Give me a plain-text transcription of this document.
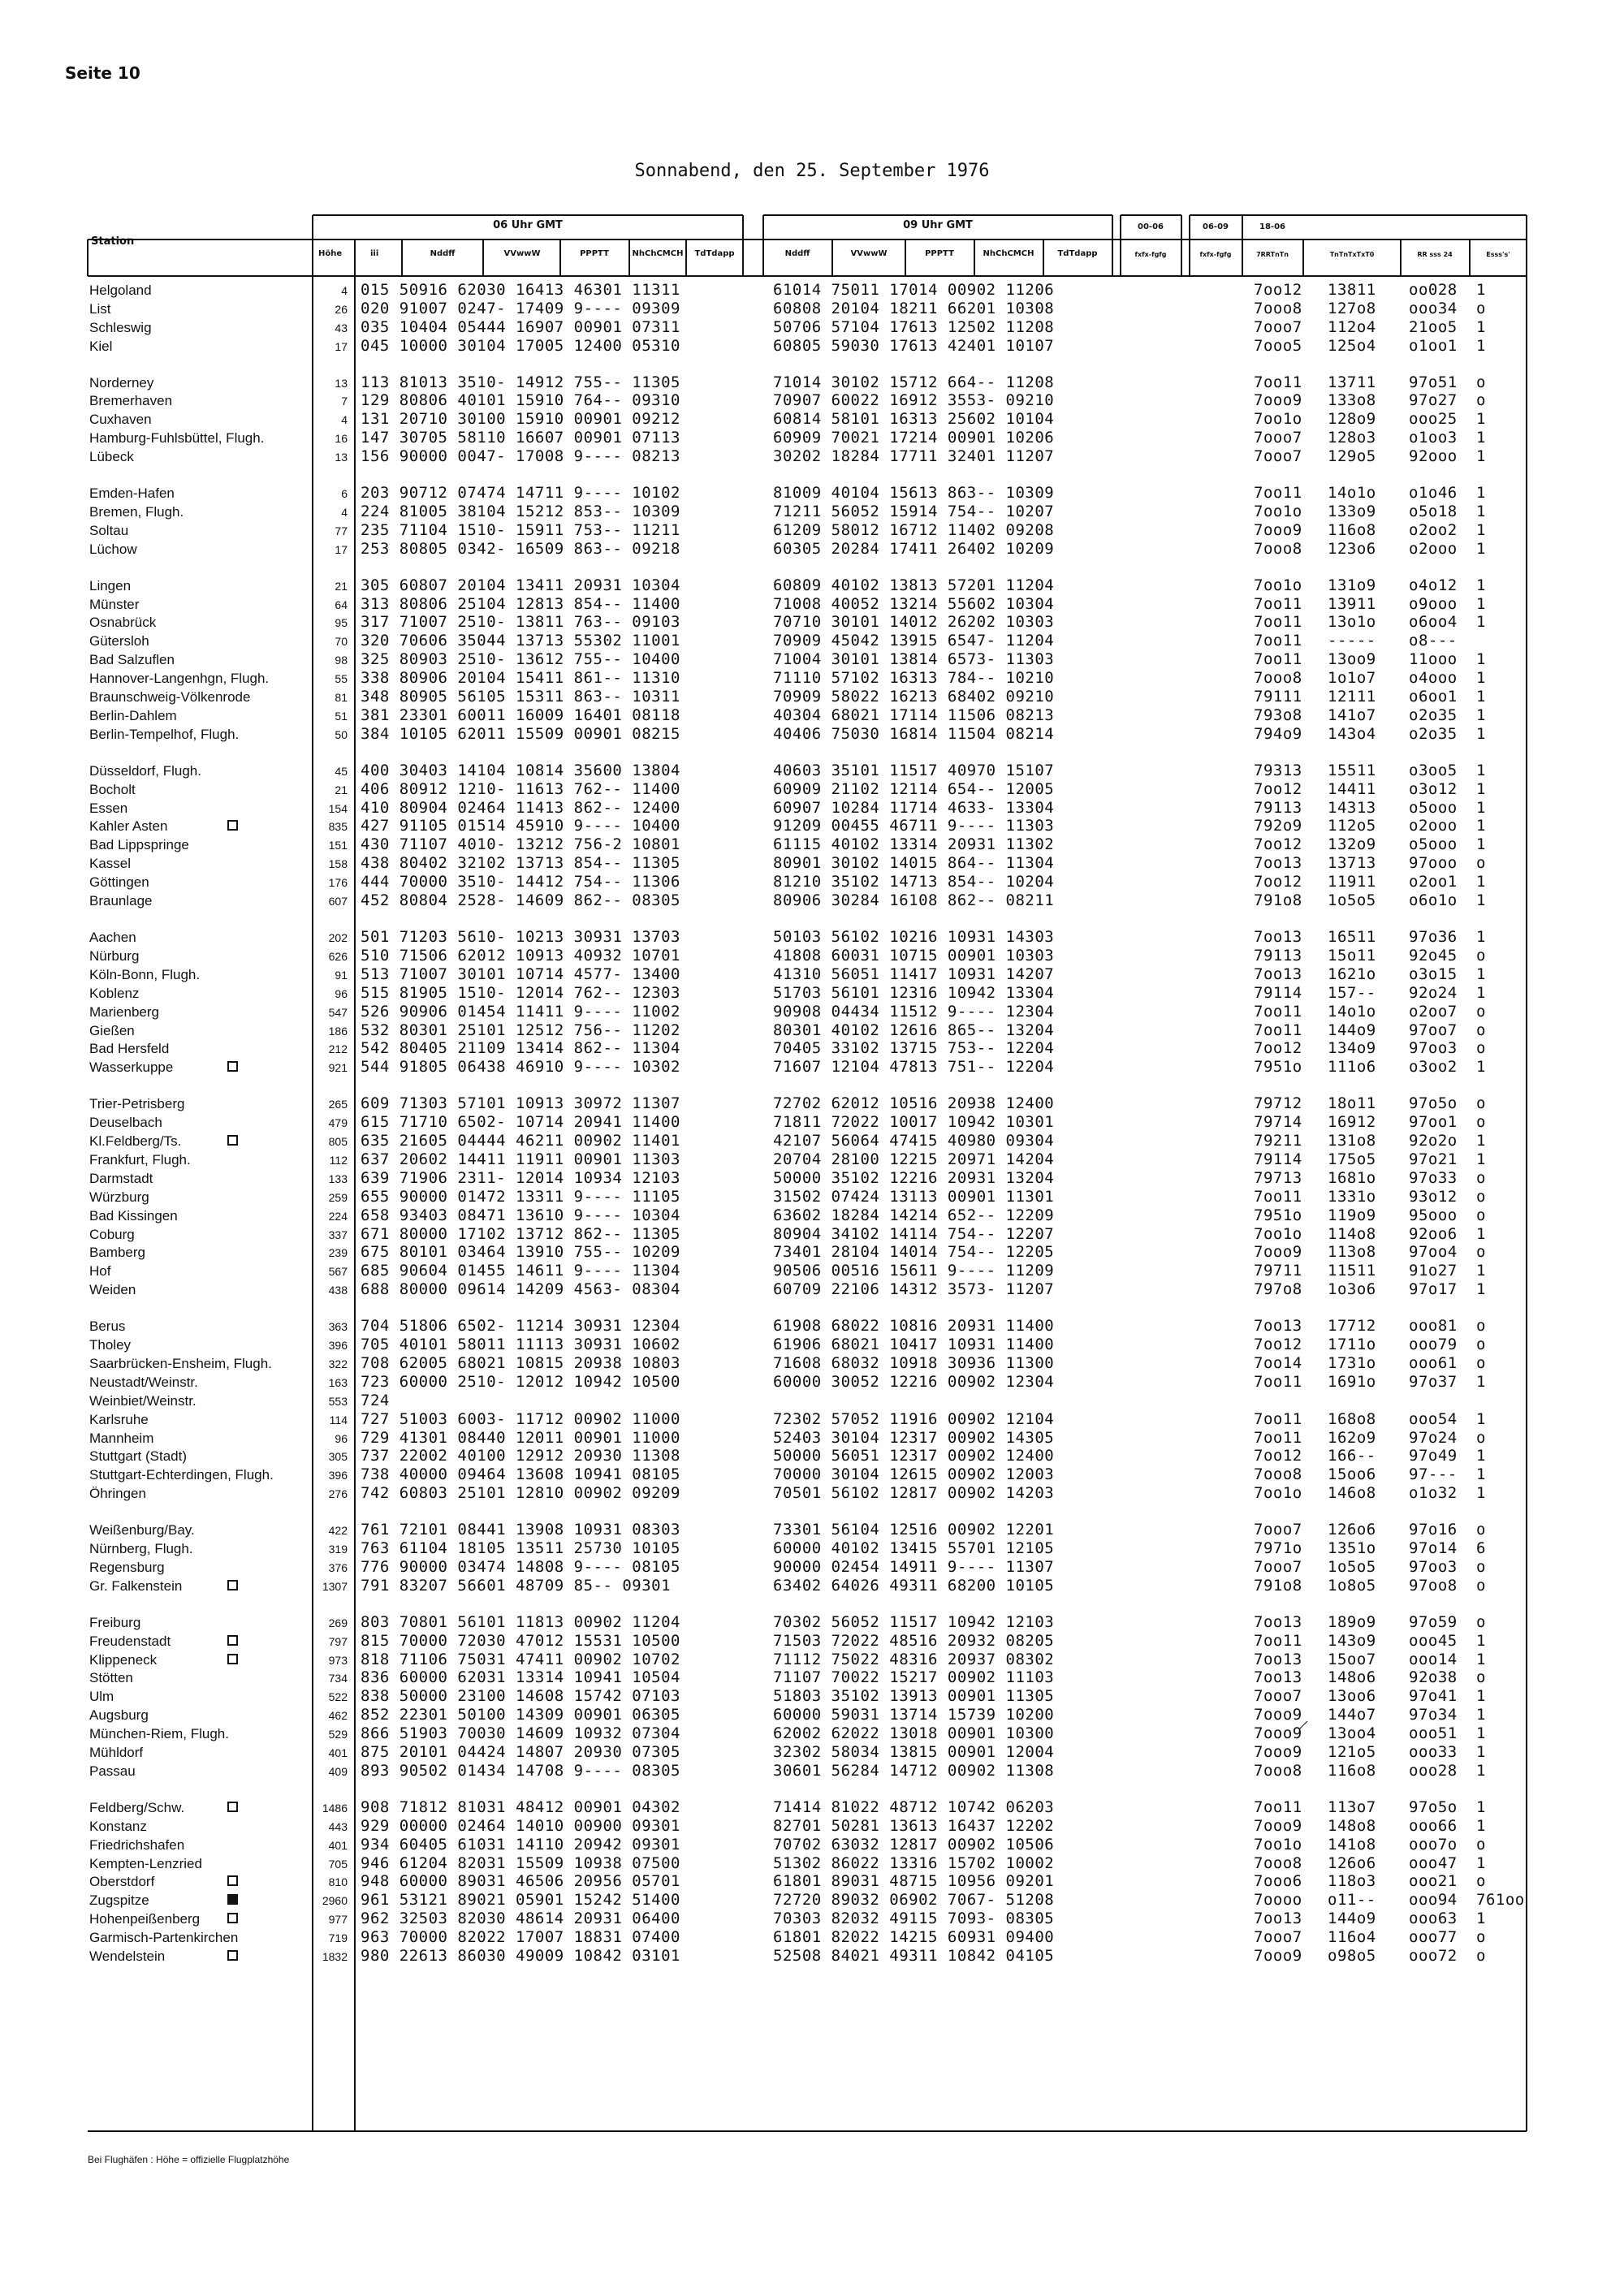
Seite 10
Sonnabend, den 25. September 1976
Station
Höhe	iii
06 Uhr GMT	09 Uhr GMT	00-06	06-09	18-06
Nddff	VVwwW	PPPTT	NhChCMCH TdTdapp	Nddff	VVwwW	PPPTT	NhChCMCH	TdTdapp	fxfx-fgfg	fxfx-fgfg	7RRTnTn	TnTnTxTxT0	RR sss 24	Esss's'
Helgoland	4 015 50916 62030 16413 46301 11311	61014 75011 17014 00902 11206	7oo12 13811 oo028 1
List	26 020 91007 0247- 17409 9---- 09309	60808 20104 18211 66201 10308	7ooo8 127o8 ooo34 o
Schleswig	43 035 10404 05444 16907 00901 07311	50706 57104 17613 12502 11208	7ooo7 112o4 21oo5 1
Kiel	17 045 10000 30104 17005 12400 05310	60805 59030 17613 42401 10107	7ooo5 125o4 o1oo1 1
Norderney	13 113 81013 3510- 14912 755-- 11305	71014 30102 15712 664-- 11208	7oo11 13711 97o51 o
Bremerhaven	7 129 80806 40101 15910 764-- 09310	70907 60022 16912 3553- 09210	7ooo9 133o8 97o27 o
Cuxhaven	4 131 20710 30100 15910 00901 09212	60814 58101 16313 25602 10104	7oo1o 128o9 ooo25 1
Hamburg-Fuhlsbüttel, Flugh.	16 147 30705 58110 16607 00901 07113	60909 70021 17214 00901 10206	7ooo7 128o3 o1oo3 1
Lübeck	13 156 90000 0047- 17008 9---- 08213	30202 18284 17711 32401 11207	7ooo7 129o5 92ooo 1
Emden-Hafen	6 203 90712 07474 14711 9---- 10102	81009 40104 15613 863-- 10309	7oo11 14o1o o1o46 1
Bremen, Flugh.	4 224 81005 38104 15212 853-- 10309	71211 56052 15914 754-- 10207	7oo1o 133o9 o5o18 1
Soltau	77 235 71104 1510- 15911 753-- 11211	61209 58012 16712 11402 09208	7ooo9 116o8 o2oo2 1
Lüchow	17 253 80805 0342- 16509 863-- 09218	60305 20284 17411 26402 10209	7ooo8 123o6 o2ooo 1
Lingen	21 305 60807 20104 13411 20931 10304	60809 40102 13813 57201 11204	7oo1o 131o9 o4o12 1
Münster	64 313 80806 25104 12813 854-- 11400	71008 40052 13214 55602 10304	7oo11 13911 o9ooo 1
Osnabrück	95 317 71007 2510- 13811 763-- 09103	70710 30101 14012 26202 10303	7oo11 13o1o o6oo4 1
Gütersloh	70 320 70606 35044 13713 55302 11001	70909 45042 13915 6547- 11204	7oo11 ----- o8---
Bad Salzuflen	98 325 80903 2510- 13612 755-- 10400	71004 30101 13814 6573- 11303	7oo11 13oo9 11ooo 1
Hannover-Langenhgn, Flugh.	55 338 80906 20104 15411 861-- 11310	71110 57102 16313 784-- 10210	7ooo8 1o1o7 o4ooo 1
Braunschweig-Völkenrode	81 348 80905 56105 15311 863-- 10311	70909 58022 16213 68402 09210	79111 12111 o6oo1 1
Berlin-Dahlem	51 381 23301 60011 16009 16401 08118	40304 68021 17114 11506 08213	793o8 141o7 o2o35 1
Berlin-Tempelhof, Flugh.	50 384 10105 62011 15509 00901 08215	40406 75030 16814 11504 08214	794o9 143o4 o2o35 1
Düsseldorf, Flugh.	45 400 30403 14104 10814 35600 13804	40603 35101 11517 40970 15107	79313 15511 o3oo5 1
Bocholt	21 406 80912 1210- 11613 762-- 11400	60909 21102 12114 654-- 12005	7oo12 14411 o3o12 1
Essen	154 410 80904 02464 11413 862-- 12400	60907 10284 11714 4633- 13304	79113 14313 o5ooo 1
Kahler Asten	835 427 91105 01514 45910 9---- 10400	91209 00455 46711 9---- 11303	792o9 112o5 o2ooo 1
Bad Lippspringe	151 430 71107 4010- 13212 756-2 10801	61115 40102 13314 20931 11302	7oo12 132o9 o5ooo 1
Kassel	158 438 80402 32102 13713 854-- 11305	80901 30102 14015 864-- 11304	7oo13 13713 97ooo o
Göttingen	176 444 70000 3510- 14412 754-- 11306	81210 35102 14713 854-- 10204	7oo12 11911 o2oo1 1
Braunlage	607 452 80804 2528- 14609 862-- 08305	80906 30284 16108 862-- 08211	791o8 1o5o5 o6o1o 1
Aachen	202 501 71203 5610- 10213 30931 13703	50103 56102 10216 10931 14303	7oo13 16511 97o36 1
Nürburg	626 510 71506 62012 10913 40932 10701	41808 60031 10715 00901 10303	79113 15o11 92o45 o
Köln-Bonn, Flugh.	91 513 71007 30101 10714 4577- 13400	41310 56051 11417 10931 14207	7oo13 1621o o3o15 1
Koblenz	96 515 81905 1510- 12014 762-- 12303	51703 56101 12316 10942 13304	79114 157-- 92o24 1
Marienberg	547 526 90906 01454 11411 9---- 11002	90908 04434 11512 9---- 12304	7oo11 14o1o o2oo7 o
Gießen	186 532 80301 25101 12512 756-- 11202	80301 40102 12616 865-- 13204	7oo11 144o9 97oo7 o
Bad Hersfeld	212 542 80405 21109 13414 862-- 11304	70405 33102 13715 753-- 12204	7oo12 134o9 97oo3 o
Wasserkuppe	921 544 91805 06438 46910 9---- 10302	71607 12104 47813 751-- 12204	7951o 111o6 o3oo2 1
Trier-Petrisberg	265 609 71303 57101 10913 30972 11307	72702 62012 10516 20938 12400	79712 18o11 97o5o o
Deuselbach	479 615 71710 6502- 10714 20941 11400	71811 72022 10017 10942 10301	79714 16912 97oo1 o
Kl.Feldberg/Ts.	805 635 21605 04444 46211 00902 11401	42107 56064 47415 40980 09304	79211 131o8 92o2o 1
Frankfurt, Flugh.	112 637 20602 14411 11911 00901 11303	20704 28100 12215 20971 14204	79114 175o5 97o21 1
Darmstadt	133 639 71906 2311- 12014 10934 12103	50000 35102 12216 20931 13204	79713 1681o 97o33 o
Würzburg	259 655 90000 01472 13311 9---- 11105	31502 07424 13113 00901 11301	7oo11 1331o 93o12 o
Bad Kissingen	224 658 93403 08471 13610 9---- 10304	63602 18284 14214 652-- 12209	7951o 119o9 95ooo o
Coburg	337 671 80000 17102 13712 862-- 11305	80904 34102 14114 754-- 12207	7oo1o 114o8 92oo6 1
Bamberg	239 675 80101 03464 13910 755-- 10209	73401 28104 14014 754-- 12205	7ooo9 113o8 97oo4 o
Hof	567 685 90604 01455 14611 9---- 11304	90506 00516 15611 9---- 11209	79711 11511 91o27 1
Weiden	438 688 80000 09614 14209 4563- 08304	60709 22106 14312 3573- 11207	797o8 1o3o6 97o17 1
Berus	363 704 51806 6502- 11214 30931 12304	61908 68022 10816 20931 11400	7oo13 17712 ooo81 o
Tholey	396 705 40101 58011 11113 30931 10602	61906 68021 10417 10931 11400	7oo12 1711o ooo79 o
Saarbrücken-Ensheim, Flugh.	322 708 62005 68021 10815 20938 10803	71608 68032 10918 30936 11300	7oo14 1731o ooo61 o
Neustadt/Weinstr.	163 723 60000 2510- 12012 10942 10500	60000 30052 12216 00902 12304	7oo11 1691o 97o37 1
Weinbiet/Weinstr.	553 724
Karlsruhe	114 727 51003 6003- 11712 00902 11000	72302 57052 11916 00902 12104	7oo11 168o8 ooo54 1
Mannheim	96 729 41301 08440 12011 00901 11000	52403 30104 12317 00902 14305	7oo11 162o9 97o24 o
Stuttgart (Stadt)	305 737 22002 40100 12912 20930 11308	50000 56051 12317 00902 12400	7oo12 166-- 97o49 1
Stuttgart-Echterdingen, Flugh.	396 738 40000 09464 13608 10941 08105	70000 30104 12615 00902 12003	7ooo8 15oo6 97--- 1
Öhringen	276 742 60803 25101 12810 00902 09209	70501 56102 12817 00902 14203	7oo1o 146o8 o1o32 1
Weißenburg/Bay.	422 761 72101 08441 13908 10931 08303	73301 56104 12516 00902 12201	7ooo7 126o6 97o16 o
Nürnberg, Flugh.	319 763 61104 18105 13511 25730 10105	60000 40102 13415 55701 12105	7971o 1351o 97o14 6
Regensburg	376 776 90000 03474 14808 9---- 08105	90000 02454 14911 9---- 11307	7ooo7 1o5o5 97oo3 o
Gr. Falkenstein	1307 791 83207 56601 48709 85-- 09301	63402 64026 49311 68200 10105	791o8 1o8o5 97oo8 o
Freiburg	269 803 70801 56101 11813 00902 11204	70302 56052 11517 10942 12103	7oo13 189o9 97o59 o
Freudenstadt	797 815 70000 72030 47012 15531 10500	71503 72022 48516 20932 08205	7oo11 143o9 ooo45 1
Klippeneck	973 818 71106 75031 47411 00902 10702	71112 75022 48316 20937 08302	7oo13 15oo7 ooo14 1
Stötten	734 836 60000 62031 13314 10941 10504	71107 70022 15217 00902 11103	7oo13 148o6 92o38 o
Ulm	522 838 50000 23100 14608 15742 07103	51803 35102 13913 00901 11305	7ooo7 13oo6 97o41 1
Augsburg	462 852 22301 50100 14309 00901 06305	60000 59031 13714 15739 10200	7ooo9 144o7 97o34 1
München-Riem, Flugh.	529 866 51903 70030 14609 10932 07304	62002 62022 13018 00901 10300	7ooo9 13oo4 ooo51 1
Mühldorf	401 875 20101 04424 14807 20930 07305	32302 58034 13815 00901 12004	7ooo9 121o5 ooo33 1
Passau	409 893 90502 01434 14708 9---- 08305	30601 56284 14712 00902 11308	7ooo8 116o8 ooo28 1
Feldberg/Schw.	1486 908 71812 81031 48412 00901 04302	71414 81022 48712 10742 06203	7oo11 113o7 97o5o 1
Konstanz	443 929 00000 02464 14010 00900 09301	82701 50281 13613 16437 12202	7ooo9 148o8 ooo66 1
Friedrichshafen	401 934 60405 61031 14110 20942 09301	70702 63032 12817 00902 10506	7oo1o 141o8 ooo7o o
Kempten-Lenzried	705 946 61204 82031 15509 10938 07500	51302 86022 13316 15702 10002	7ooo8 126o6 ooo47 1
Oberstdorf	810 948 60000 89031 46506 20956 05701	61801 89031 48715 10956 09201	7ooo6 118o3 ooo21 o
Zugspitze	2960 961 53121 89021 05901 15242 51400	72720 89032 06902 7067- 51208	7oooo o11-- ooo94 761oo
Hohenpeißenberg	977 962 32503 82030 48614 20931 06400	70303 82032 49115 7093- 08305	7oo13 144o9 ooo63 1
Garmisch-Partenkirchen	719 963 70000 82022 17007 18831 07400	61801 82022 14215 60931 09400	7ooo7 116o4 ooo77 o
Wendelstein	1832 980 22613 86030 49009 10842 03101	52508 84021 49311 10842 04105	7ooo9 o98o5 ooo72 o
Bei Flughäfen : Höhe = offizielle Flugplatzhöhe
